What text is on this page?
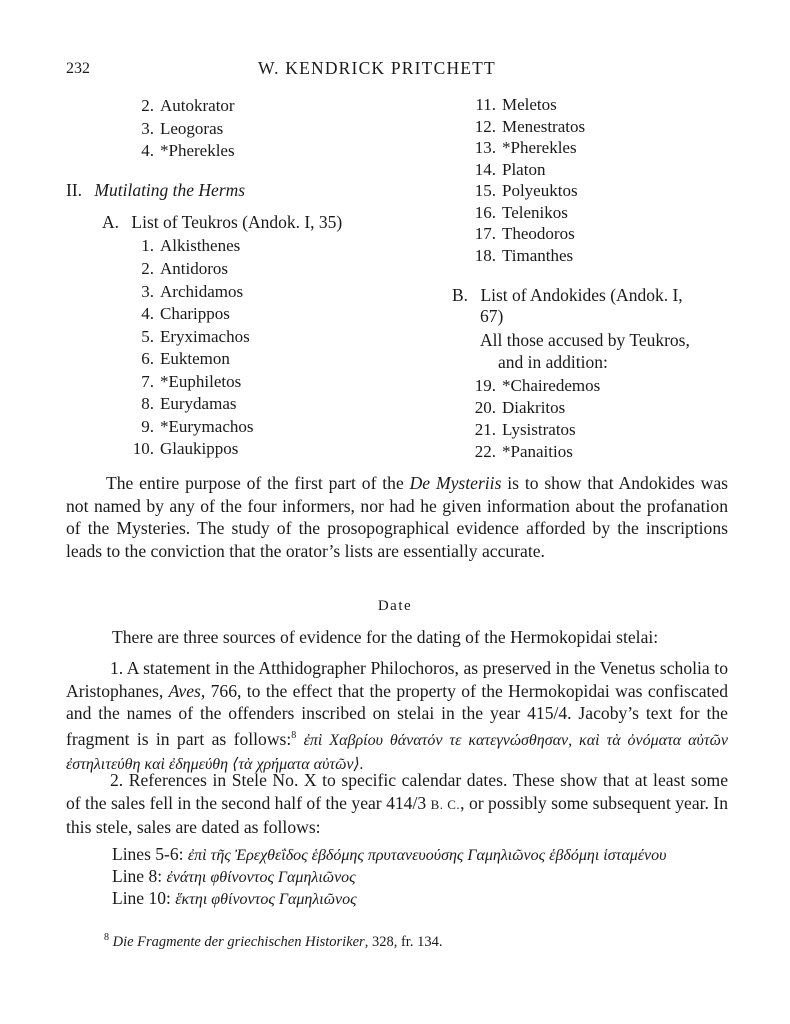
232	W. KENDRICK PRITCHETT
2. Autokrator
3. Leogoras
4. *Pherekles
II. Mutilating the Herms
A. List of Teukros (Andok. I, 35)
1. Alkisthenes
2. Antidoros
3. Archidamos
4. Charippos
5. Eryximachos
6. Euktemon
7. *Euphiletos
8. Eurydamas
9. *Eurymachos
10. Glaukippos
11. Meletos
12. Menestratos
13. *Pherekles
14. Platon
15. Polyeuktos
16. Telenikos
17. Theodoros
18. Timanthes
B. List of Andokides (Andok. I,
67)
All those accused by Teukros,
and in addition:
19. *Chairedemos
20. Diakritos
21. Lysistratos
22. *Panaitios

The entire purpose of the first part of the De Mysteriis is to show that Andokides was not named by any of the four informers, nor had he given information about the profanation of the Mysteries. The study of the prosopographical evidence afforded by the inscriptions leads to the conviction that the orator’s lists are essentially accurate.

Date

There are three sources of evidence for the dating of the Hermokopidai stelai:

1. A statement in the Atthidographer Philochoros, as preserved in the Venetus scholia to Aristophanes, Aves, 766, to the effect that the property of the Hermokopidai was confiscated and the names of the offenders inscribed on stelai in the year 415/4. Jacoby’s text for the fragment is in part as follows:$^8$ ἐπὶ Χαβρίου θάνατόν τε κατεγνώσθησαν, καὶ τὰ ὀνόματα αὐτῶν ἐστηλιτεύθη καὶ ἐδημεύθη ⟨τὰ χρήματα αὐτῶν⟩.

2. References in Stele No. X to specific calendar dates. These show that at least some of the sales fell in the second half of the year 414/3 B. C., or possibly some subsequent year. In this stele, sales are dated as follows:

Lines 5-6: ἐπὶ τῆς Ἐρεχθεΐδος ἑβδόμης πρυτανευούσης Γαμηλιῶνος ἑβδόμηι ἱσταμένου
Line 8: ἐνάτηι φθίνοντος Γαμηλιῶνος
Line 10: ἕκτηι φθίνοντος Γαμηλιῶνος
$^8$ Die Fragmente der griechischen Historiker, 328, fr. 134.
